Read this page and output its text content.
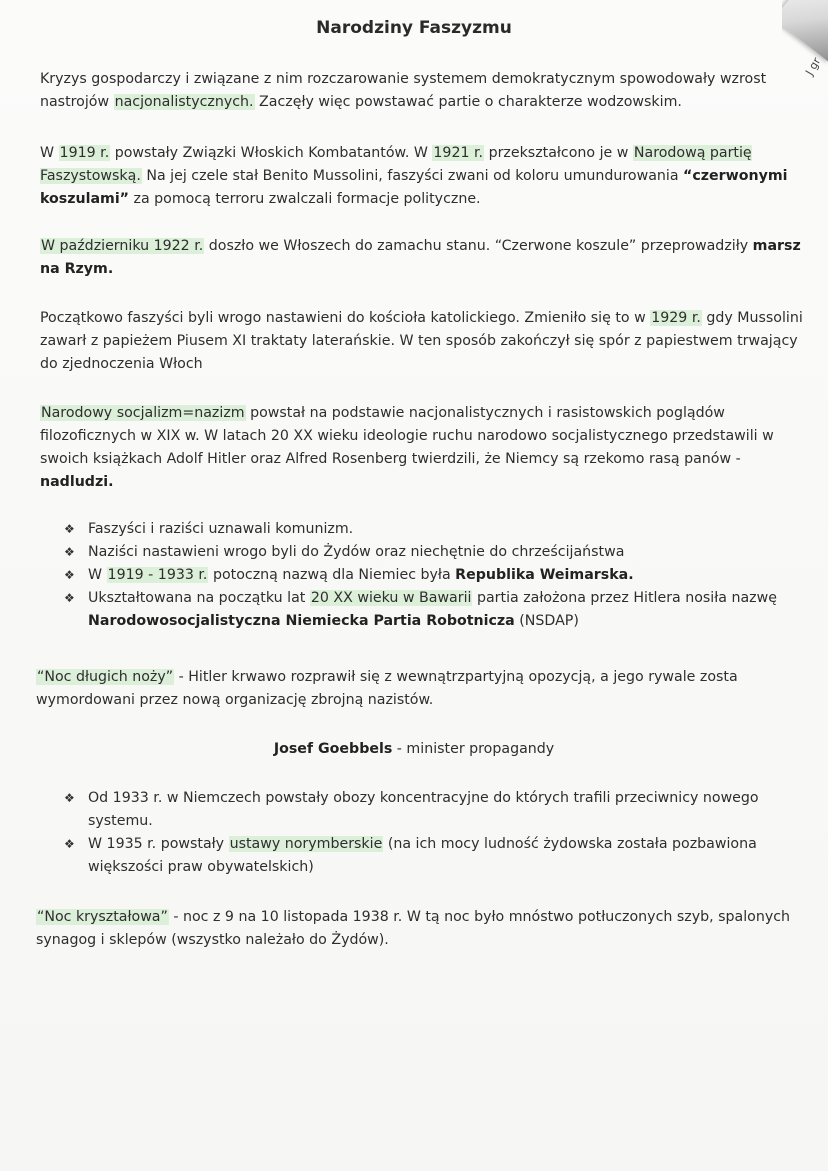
J gr
Narodziny Faszyzmu
Kryzys gospodarczy i związane z nim rozczarowanie systemem demokratycznym spowodowały wzrost nastrojów nacjonalistycznych. Zaczęły więc powstawać partie o charakterze wodzowskim.
W 1919 r. powstały Związki Włoskich Kombatantów. W 1921 r. przekształcono je w Narodową partię Faszystowską. Na jej czele stał Benito Mussolini, faszyści zwani od koloru umundurowania “czerwonymi koszulami” za pomocą terroru zwalczali formacje polityczne.
W październiku 1922 r. doszło we Włoszech do zamachu stanu. “Czerwone koszule” przeprowadziły marsz na Rzym.
Początkowo faszyści byli wrogo nastawieni do kościoła katolickiego. Zmieniło się to w 1929 r. gdy Mussolini zawarł z papieżem Piusem XI traktaty laterańskie. W ten sposób zakończył się spór z papiestwem trwający do zjednoczenia Włoch
Narodowy socjalizm=nazizm powstał na podstawie nacjonalistycznych i rasistowskich poglądów filozoficznych w XIX w. W latach 20 XX wieku ideologie ruchu narodowo socjalistycznego przedstawili w swoich książkach Adolf Hitler oraz Alfred Rosenberg twierdzili, że Niemcy są rzekomo rasą panów - nadludzi.
❖ Faszyści i raziści uznawali komunizm.
❖ Naziści nastawieni wrogo byli do Żydów oraz niechętnie do chrześcijaństwa
❖ W 1919 - 1933 r. potoczną nazwą dla Niemiec była Republika Weimarska.
❖ Ukształtowana na początku lat 20 XX wieku w Bawarii partia założona przez Hitlera nosiła nazwę Narodowosocjalistyczna Niemiecka Partia Robotnicza (NSDAP)
“Noc długich noży” - Hitler krwawo rozprawił się z wewnątrzpartyjną opozycją, a jego rywale zosta
wymordowani przez nową organizację zbrojną nazistów.
Josef Goebbels - minister propagandy
❖ Od 1933 r. w Niemczech powstały obozy koncentracyjne do których trafili przeciwnicy nowego systemu.
❖ W 1935 r. powstały ustawy norymberskie (na ich mocy ludność żydowska została pozbawiona większości praw obywatelskich)
“Noc kryształowa” - noc z 9 na 10 listopada 1938 r. W tą noc było mnóstwo potłuczonych szyb, spalonych synagog i sklepów (wszystko należało do Żydów).
